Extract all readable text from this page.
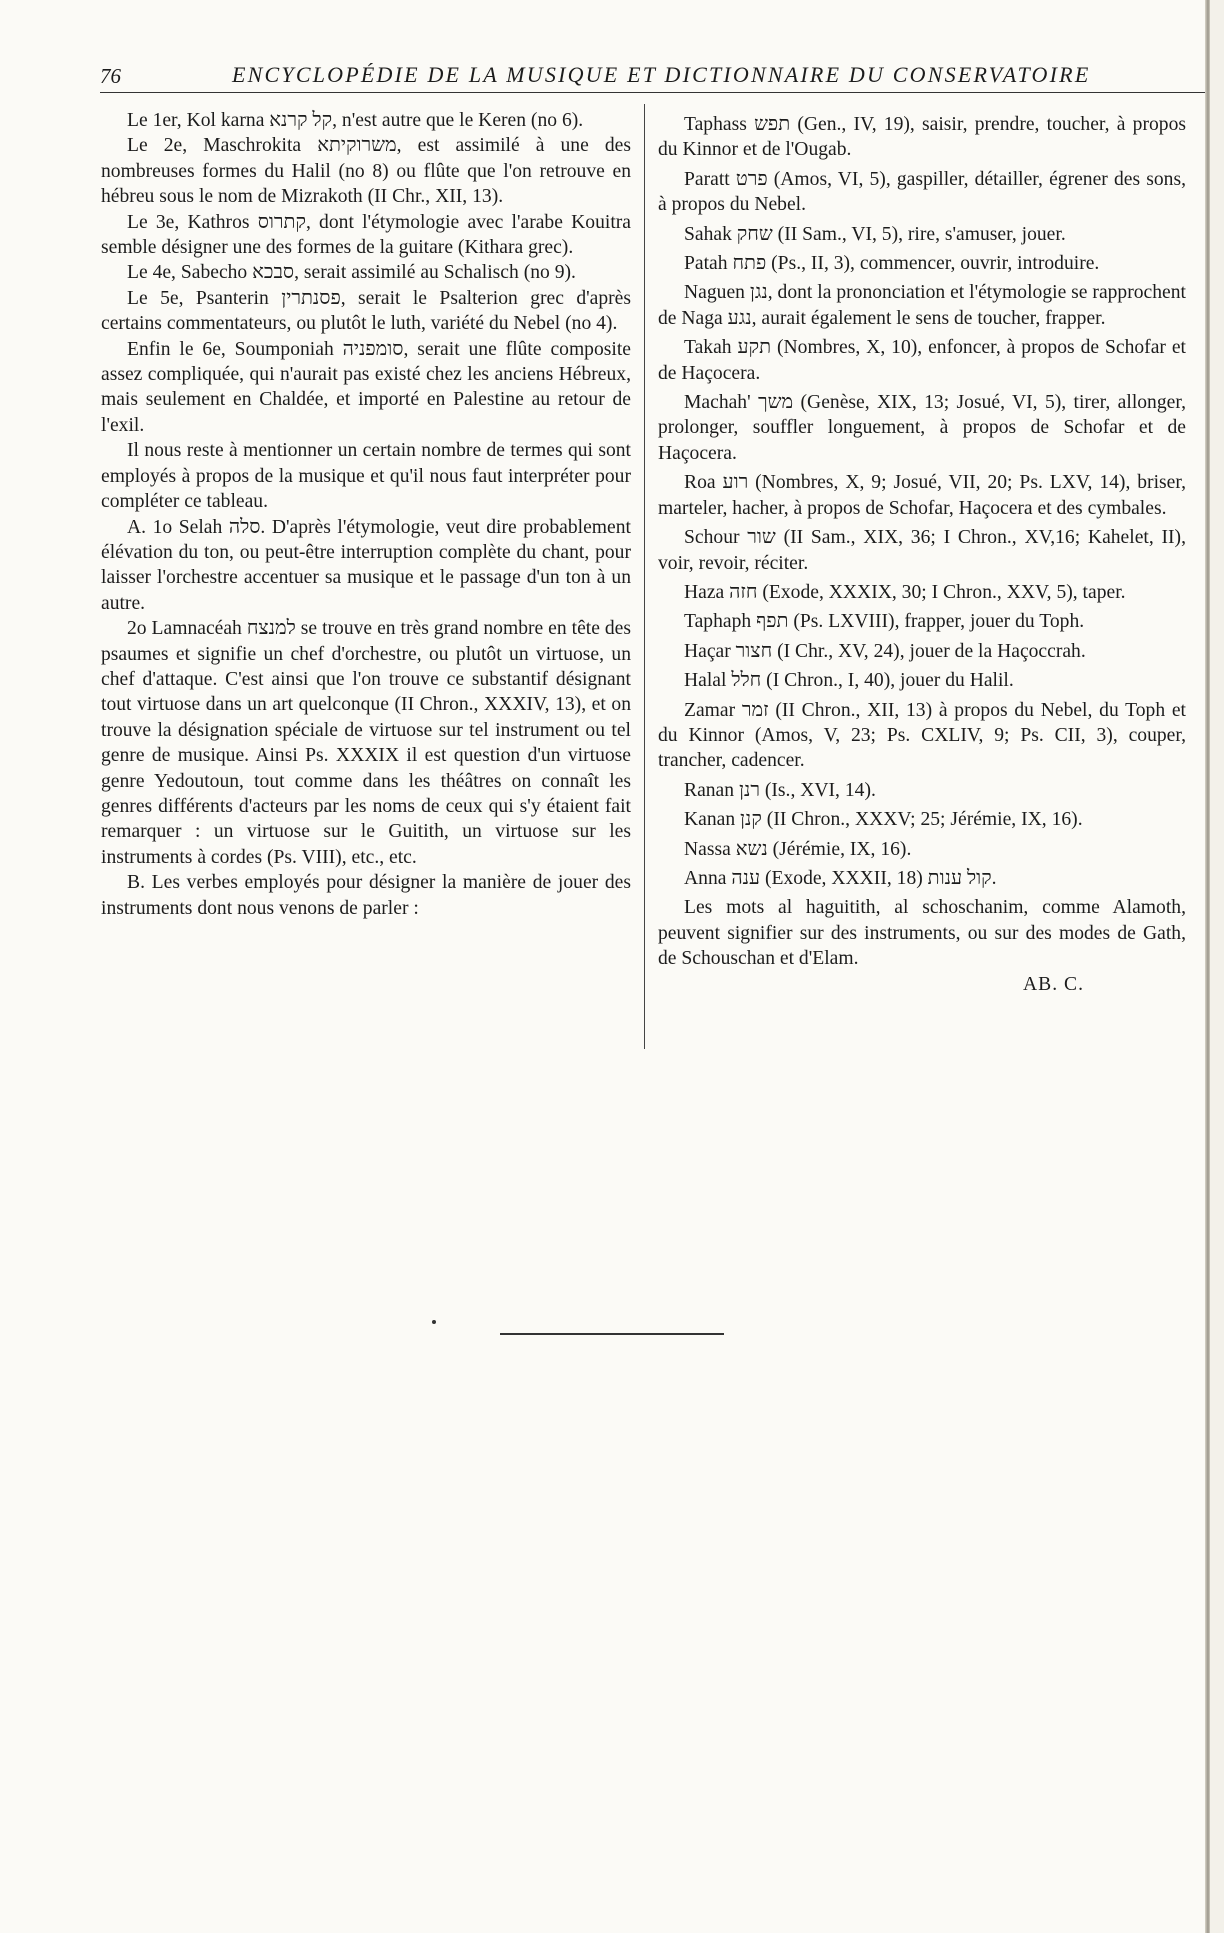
76	ENCYCLOPÉDIE DE LA MUSIQUE ET DICTIONNAIRE DU CONSERVATOIRE

Le 1er, Kol karna קל קרנא, n'est autre que le Keren (no 6).

Le 2e, Maschrokita משרוקיתא, est assimilé à une des nombreuses formes du Halil (no 8) ou flûte que l'on retrouve en hébreu sous le nom de Mizrakoth (II Chr., XII, 13).

Le 3e, Kathros קתרוס, dont l'étymologie avec l'arabe Kouitra semble désigner une des formes de la guitare (Kithara grec).

Le 4e, Sabecho סבכא, serait assimilé au Schalisch (no 9).

Le 5e, Psanterin פסנתרין, serait le Psalterion grec d'après certains commentateurs, ou plutôt le luth, variété du Nebel (no 4).

Enfin le 6e, Soumponiah סומפניה, serait une flûte composite assez compliquée, qui n'aurait pas existé chez les anciens Hébreux, mais seulement en Chaldée, et importé en Palestine au retour de l'exil.

Il nous reste à mentionner un certain nombre de termes qui sont employés à propos de la musique et qu'il nous faut interpréter pour compléter ce tableau.

A. 1o Selah סלה. D'après l'étymologie, veut dire probablement élévation du ton, ou peut-être interruption complète du chant, pour laisser l'orchestre accentuer sa musique et le passage d'un ton à un autre.

2o Lamnacéah למנצח se trouve en très grand nombre en tête des psaumes et signifie un chef d'orchestre, ou plutôt un virtuose, un chef d'attaque. C'est ainsi que l'on trouve ce substantif désignant tout virtuose dans un art quelconque (II Chron., XXXIV, 13), et on trouve la désignation spéciale de virtuose sur tel instrument ou tel genre de musique. Ainsi Ps. XXXIX il est question d'un virtuose genre Yedoutoun, tout comme dans les théâtres on connaît les genres différents d'acteurs par les noms de ceux qui s'y étaient fait remarquer : un virtuose sur le Guitith, un virtuose sur les instruments à cordes (Ps. VIII), etc., etc.

B. Les verbes employés pour désigner la manière de jouer des instruments dont nous venons de parler :

Taphass תפש (Gen., IV, 19), saisir, prendre, toucher, à propos du Kinnor et de l'Ougab.

Paratt פרט (Amos, VI, 5), gaspiller, détailler, égrener des sons, à propos du Nebel.

Sahak שחק (II Sam., VI, 5), rire, s'amuser, jouer.

Patah פתח (Ps., II, 3), commencer, ouvrir, introduire.

Naguen נגן, dont la prononciation et l'étymologie se rapprochent de Naga נגע, aurait également le sens de toucher, frapper.

Takah תקע (Nombres, X, 10), enfoncer, à propos de Schofar et de Haçocera.

Machah' משך (Genèse, XIX, 13; Josué, VI, 5), tirer, allonger, prolonger, souffler longuement, à propos de Schofar et de Haçocera.

Roa רוע (Nombres, X, 9; Josué, VII, 20; Ps. LXV, 14), briser, marteler, hacher, à propos de Schofar, Haçocera et des cymbales.

Schour שור (II Sam., XIX, 36; I Chron., XV,16; Kahelet, II), voir, revoir, réciter.

Haza חזה (Exode, XXXIX, 30; I Chron., XXV, 5), taper.

Taphaph תפף (Ps. LXVIII), frapper, jouer du Toph.

Haçar חצור (I Chr., XV, 24), jouer de la Haçoccrah.

Halal חלל (I Chron., I, 40), jouer du Halil.

Zamar זמר (II Chron., XII, 13) à propos du Nebel, du Toph et du Kinnor (Amos, V, 23; Ps. CXLIV, 9; Ps. CII, 3), couper, trancher, cadencer.

Ranan רנן (Is., XVI, 14).

Kanan קנן (II Chron., XXXV; 25; Jérémie, IX, 16).

Nassa נשא (Jérémie, IX, 16).

Anna ענה (Exode, XXXII, 18) קול ענות.

Les mots al haguitith, al schoschanim, comme Alamoth, peuvent signifier sur des instruments, ou sur des modes de Gath, de Schouschan et d'Elam.

AB. C.
